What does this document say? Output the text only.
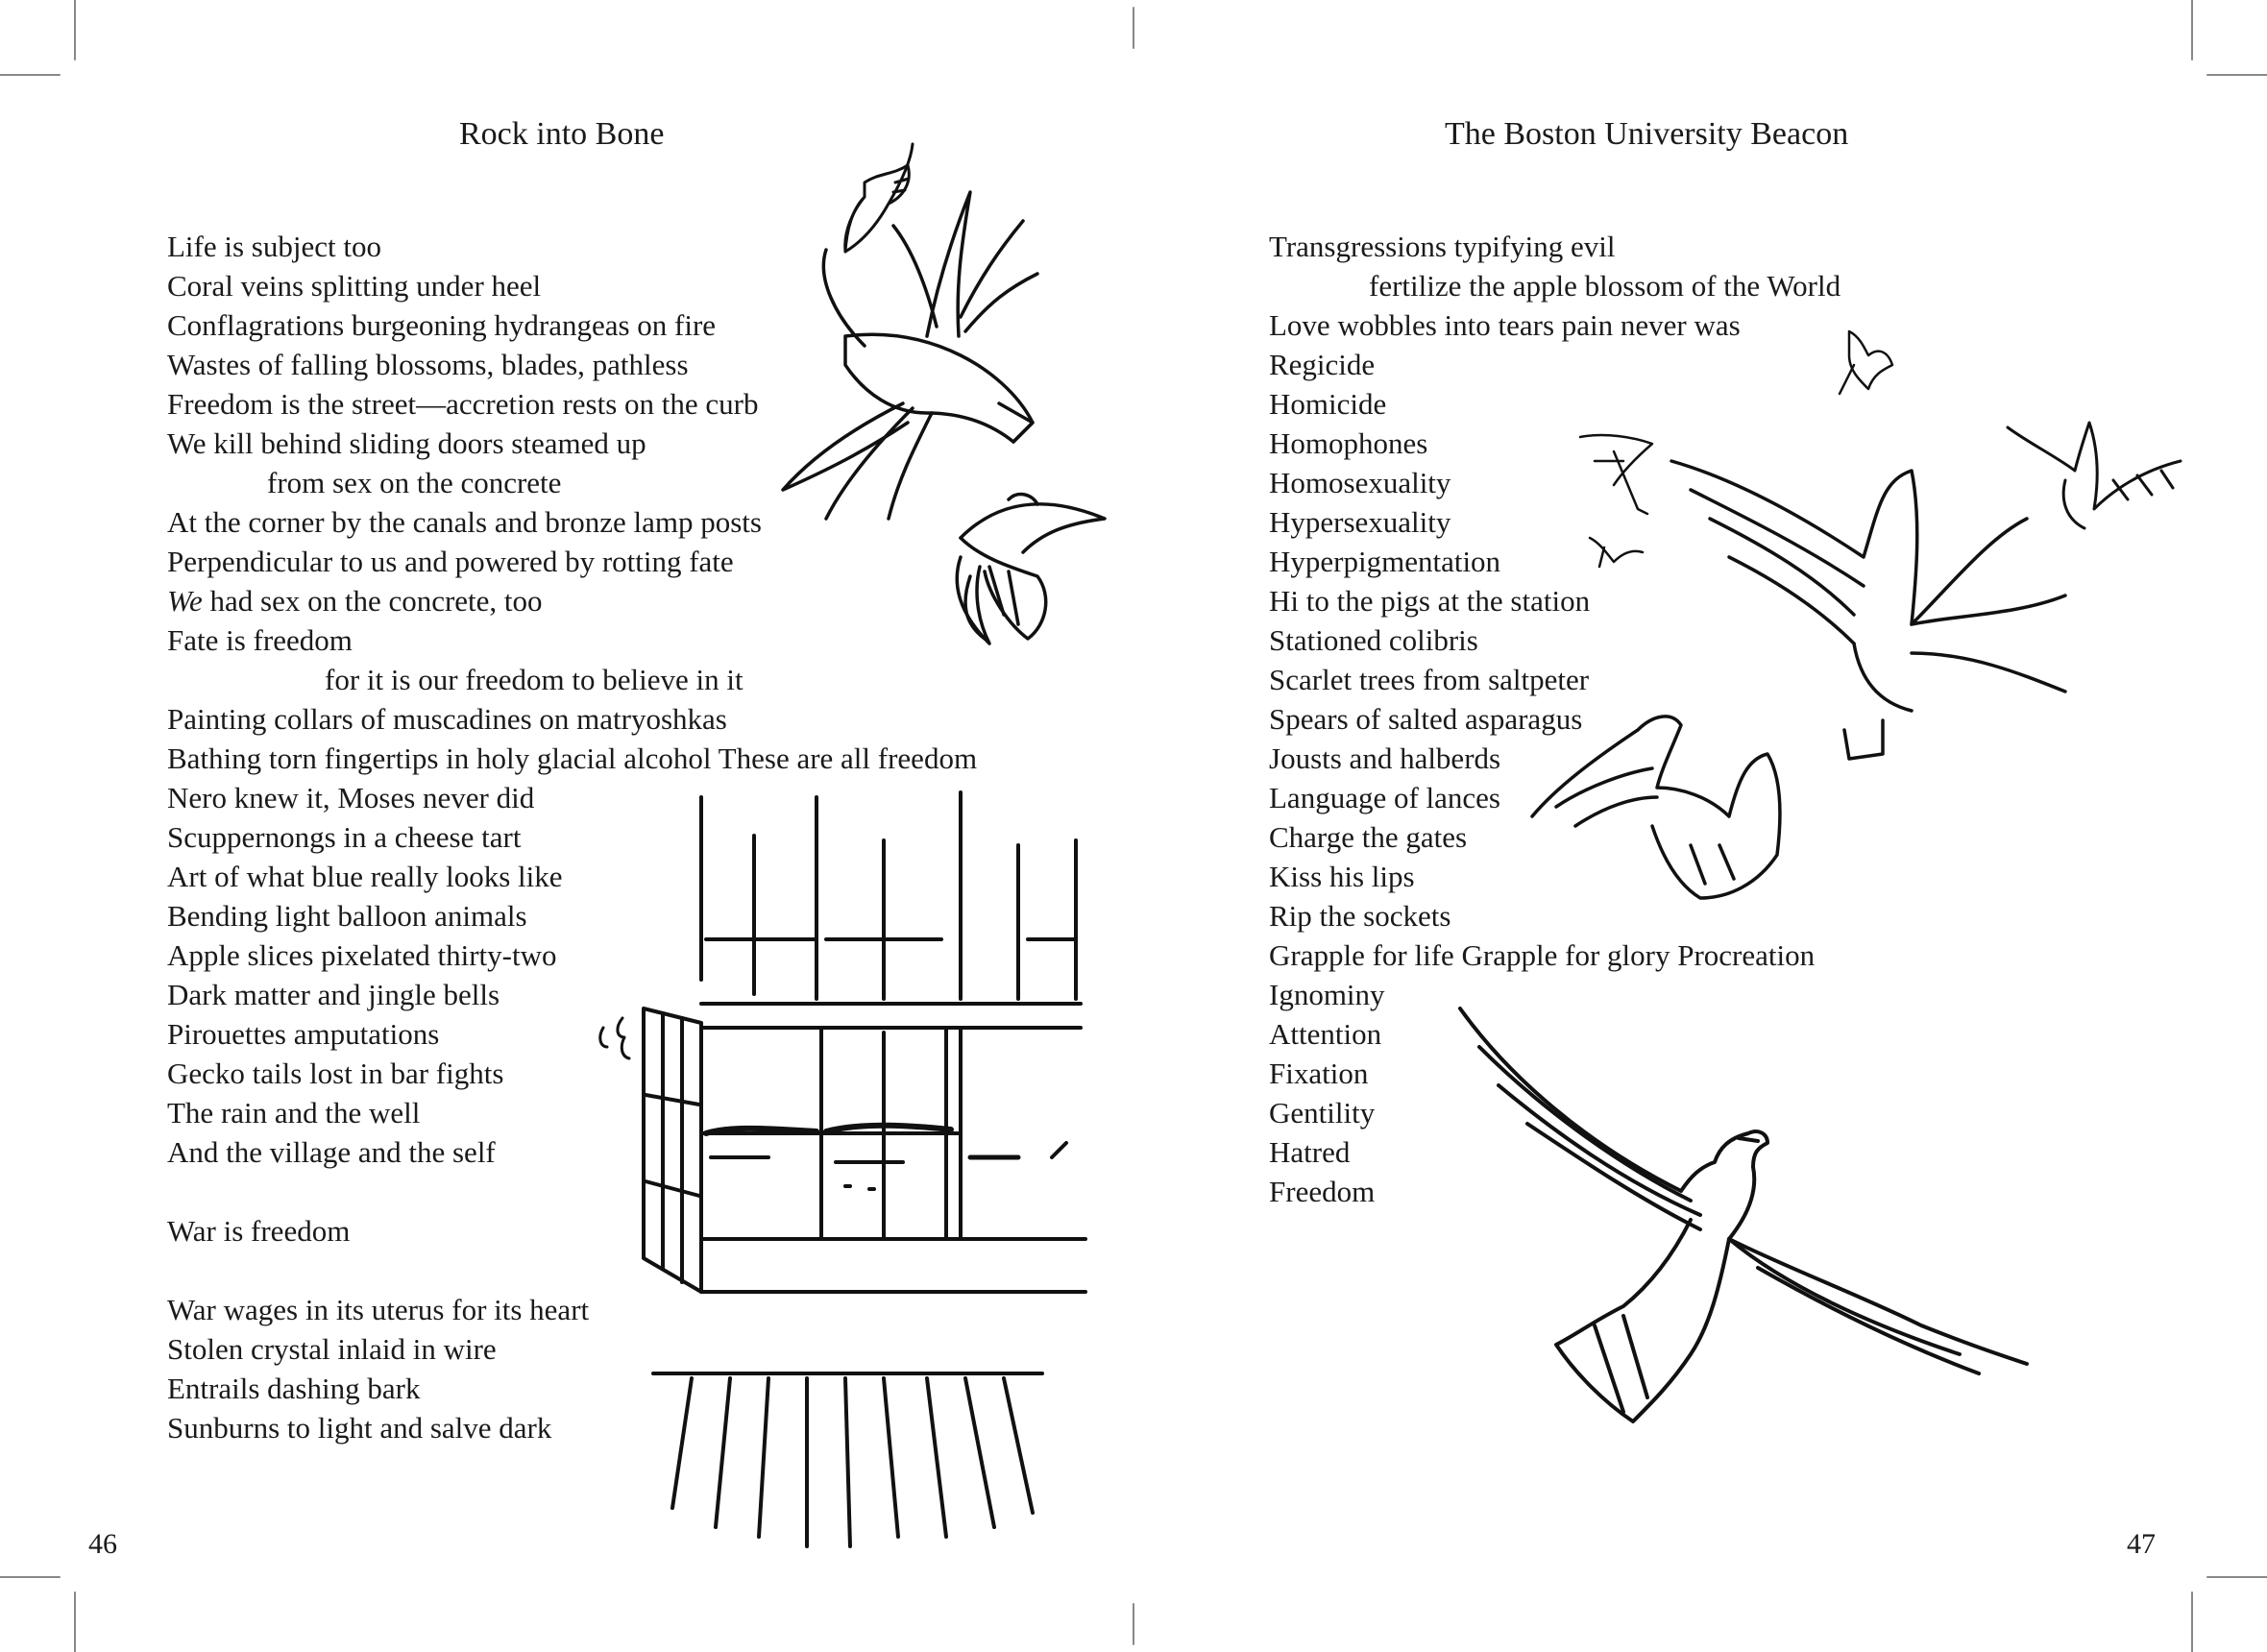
Rock into Bone
Life is subject too
Coral veins splitting under heel
Conflagrations burgeoning hydrangeas on fire
Wastes of falling blossoms, blades, pathless
Freedom is the street—accretion rests on the curb
We kill behind sliding doors steamed up
from sex on the concrete
At the corner by the canals and bronze lamp posts
Perpendicular to us and powered by rotting fate
We had sex on the concrete, too
Fate is freedom
for it is our freedom to believe in it
Painting collars of muscadines on matryoshkas
Bathing torn fingertips in holy glacial alcohol These are all freedom
Nero knew it, Moses never did
Scuppernongs in a cheese tart
Art of what blue really looks like
Bending light balloon animals
Apple slices pixelated thirty-two
Dark matter and jingle bells
Pirouettes amputations
Gecko tails lost in bar fights
The rain and the well
And the village and the self
War is freedom
War wages in its uterus for its heart
Stolen crystal inlaid in wire
Entrails dashing bark
Sunburns to light and salve dark
46
The Boston University Beacon
Transgressions typifying evil
fertilize the apple blossom of the World
Love wobbles into tears pain never was
Regicide
Homicide
Homophones
Homosexuality
Hypersexuality
Hyperpigmentation
Hi to the pigs at the station
Stationed colibris
Scarlet trees from saltpeter
Spears of salted asparagus
Jousts and halberds
Language of lances
Charge the gates
Kiss his lips
Rip the sockets
Grapple for life Grapple for glory Procreation
Ignominy
Attention
Fixation
Gentility
Hatred
Freedom
47
